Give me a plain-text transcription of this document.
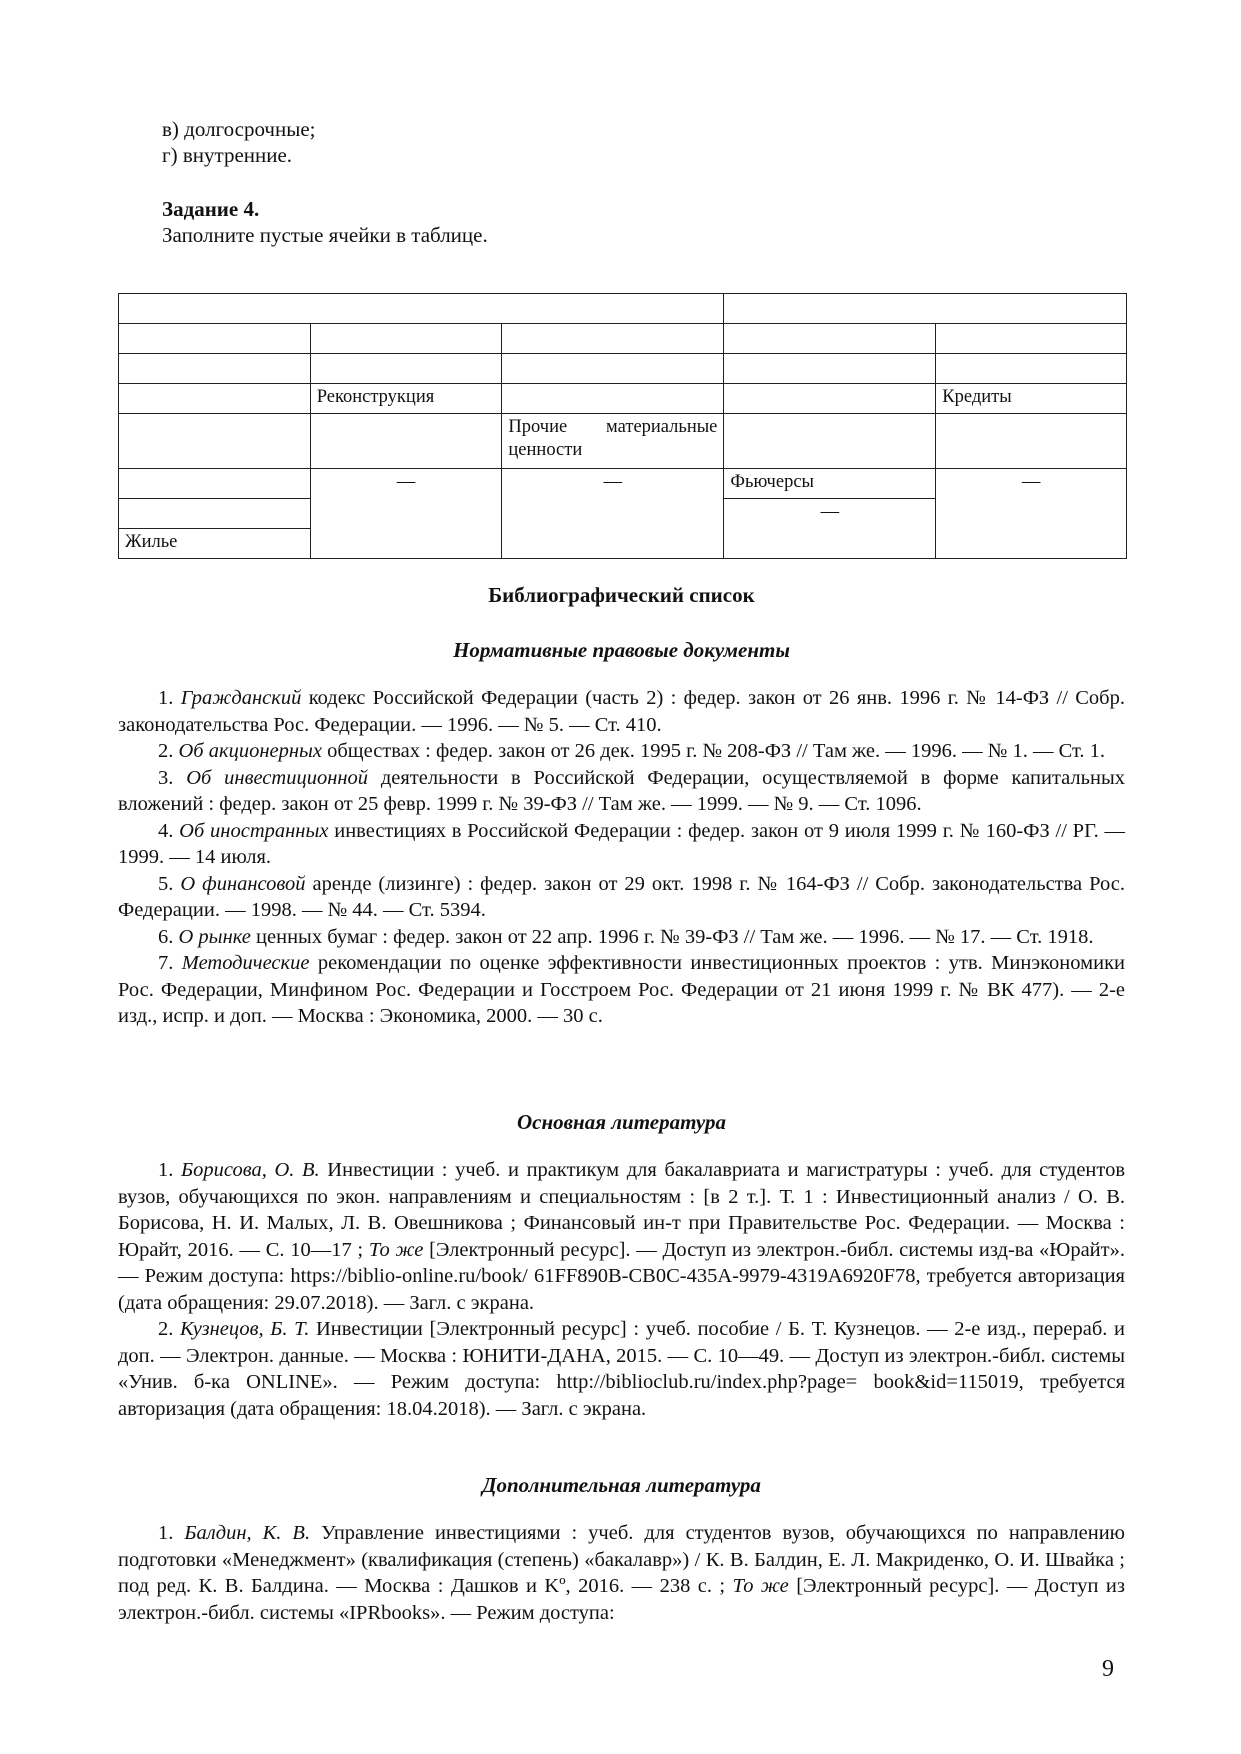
в) долгосрочные;
г) внутренние.
Задание 4.
Заполните пустые ячейки в таблице.

	Реконструкция			Кредиты
		Прочие материальные ценности		
	—	—	Фьючерсы	—
			—	
Жилье				
Библиографический список
Нормативные правовые документы
1. Гражданский кодекс Российской Федерации (часть 2) : федер. закон от 26 янв. 1996 г. № 14-ФЗ // Собр. законодательства Рос. Федерации. — 1996. — № 5. — Ст. 410.
2. Об акционерных обществах : федер. закон от 26 дек. 1995 г. № 208-ФЗ // Там же. — 1996. — № 1. — Ст. 1.
3. Об инвестиционной деятельности в Российской Федерации, осуществляемой в форме капитальных вложений : федер. закон от 25 февр. 1999 г. № 39-ФЗ // Там же. — 1999. — № 9. — Ст. 1096.
4. Об иностранных инвестициях в Российской Федерации : федер. закон от 9 июля 1999 г. № 160-ФЗ // РГ. — 1999. — 14 июля.
5. О финансовой аренде (лизинге) : федер. закон от 29 окт. 1998 г. № 164-ФЗ // Собр. законодательства Рос. Федерации. — 1998. — № 44. — Ст. 5394.
6. О рынке ценных бумаг : федер. закон от 22 апр. 1996 г. № 39-ФЗ // Там же. — 1996. — № 17. — Ст. 1918.
7. Методические рекомендации по оценке эффективности инвестиционных проектов : утв. Минэкономики Рос. Федерации, Минфином Рос. Федерации и Госстроем Рос. Федерации от 21 июня 1999 г. № ВК 477). — 2-е изд., испр. и доп. — Москва : Экономика, 2000. — 30 с.
Основная литература
1. Борисова, О. В. Инвестиции : учеб. и практикум для бакалавриата и магистратуры : учеб. для студентов вузов, обучающихся по экон. направлениям и специальностям : [в 2 т.]. Т. 1 : Инвестиционный анализ / О. В. Борисова, Н. И. Малых, Л. В. Овешникова ; Финансовый ин-т при Правительстве Рос. Федерации. — Москва : Юрайт, 2016. — С. 10—17 ; То же [Электронный ресурс]. — Доступ из электрон.-библ. системы изд-ва «Юрайт». — Режим доступа: https://biblio-online.ru/book/ 61FF890B-CB0C-435A-9979-4319A6920F78, требуется авторизация (дата обращения: 29.07.2018). — Загл. с экрана.
2. Кузнецов, Б. Т. Инвестиции [Электронный ресурс] : учеб. пособие / Б. Т. Кузнецов. — 2-е изд., перераб. и доп. — Электрон. данные. — Москва : ЮНИТИ-ДАНА, 2015. — С. 10—49. — Доступ из электрон.-библ. системы «Унив. б-ка ONLINE». — Режим доступа: http://biblioclub.ru/index.php?page= book&id=115019, требуется авторизация (дата обращения: 18.04.2018). — Загл. с экрана.
Дополнительная литература
1. Балдин, К. В. Управление инвестициями : учеб. для студентов вузов, обучающихся по направлению подготовки «Менеджмент» (квалификация (степень) «бакалавр») / К. В. Балдин, Е. Л. Макриденко, О. И. Швайка ; под ред. К. В. Балдина. — Москва : Дашков и Kº, 2016. — 238 с. ; То же [Электронный ресурс]. — Доступ из электрон.-библ. системы «IPRbooks». — Режим доступа:
9
